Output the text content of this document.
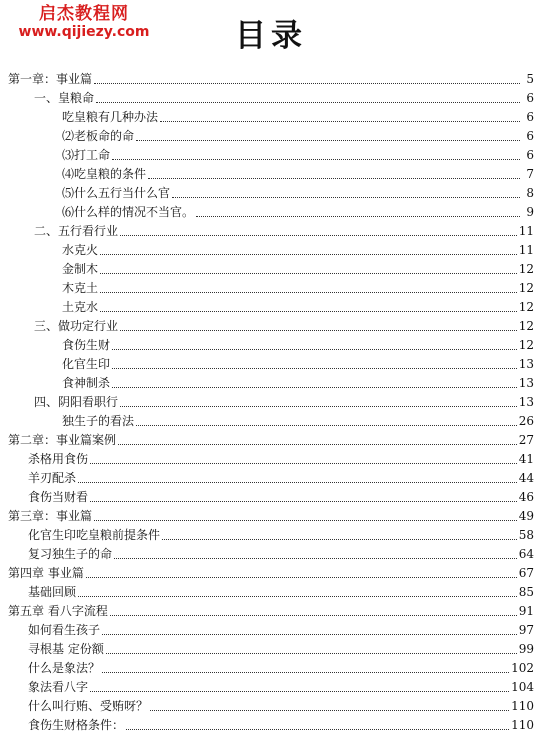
启杰教程网
www.qijiezy.com	目录
第一章：事业篇	5
一、皇粮命	6
吃皇粮有几种办法	6
⑵老板命的命	6
⑶打工命	6
⑷吃皇粮的条件	7
⑸什么五行当什么官	8
⑹什么样的情况不当官。	9
二、五行看行业	11
水克火	11
金制木	12
木克土	12
土克水	12
三、做功定行业	12
食伤生财	12
化官生印	13
食神制杀	13
四、阴阳看职行	13
独生子的看法	26
第二章：事业篇案例	27
杀格用食伤	41
羊刃配杀	44
食伤当财看	46
第三章：事业篇	49
化官生印吃皇粮前提条件	58
复习独生子的命	64
第四章 事业篇	67
基础回顾	85
第五章 看八字流程	91
如何看生孩子	97
寻根基 定份额	99
什么是象法？	102
象法看八字	104
什么叫行贿、受贿呀？	110
食伤生财格条件：	110
